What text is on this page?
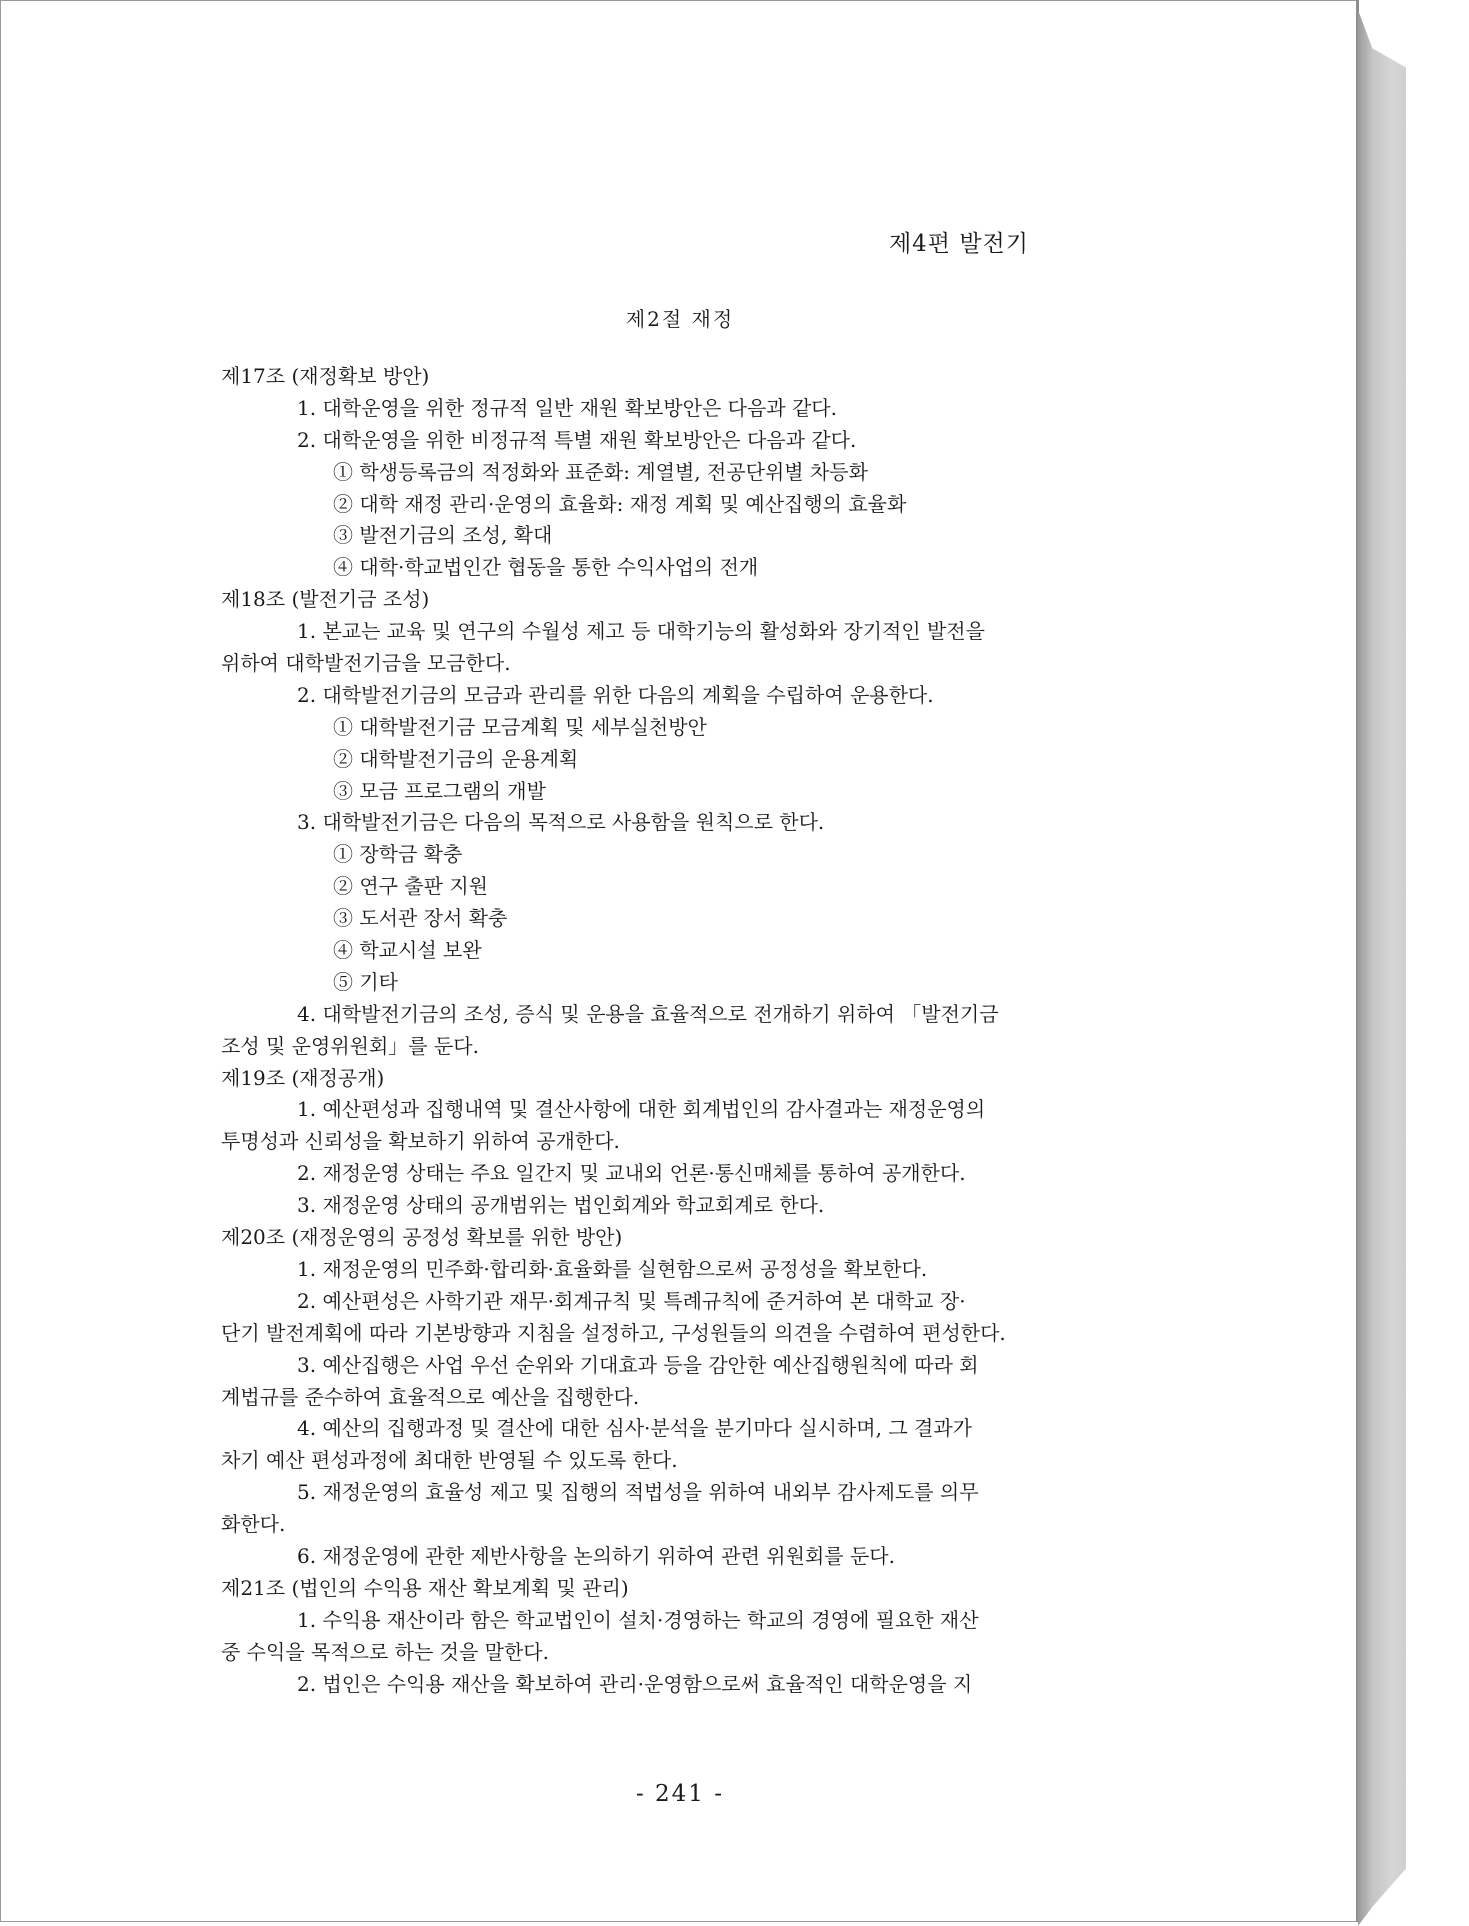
제4편 발전기
제2절 재정
제17조 (재정확보 방안)
1. 대학운영을 위한 정규적 일반 재원 확보방안은 다음과 같다.
2. 대학운영을 위한 비정규적 특별 재원 확보방안은 다음과 같다.
① 학생등록금의 적정화와 표준화: 계열별, 전공단위별 차등화
② 대학 재정 관리·운영의 효율화: 재정 계획 및 예산집행의 효율화
③ 발전기금의 조성, 확대
④ 대학·학교법인간 협동을 통한 수익사업의 전개
제18조 (발전기금 조성)
1. 본교는 교육 및 연구의 수월성 제고 등 대학기능의 활성화와 장기적인 발전을
위하여 대학발전기금을 모금한다.
2. 대학발전기금의 모금과 관리를 위한 다음의 계획을 수립하여 운용한다.
① 대학발전기금 모금계획 및 세부실천방안
② 대학발전기금의 운용계획
③ 모금 프로그램의 개발
3. 대학발전기금은 다음의 목적으로 사용함을 원칙으로 한다.
① 장학금 확충
② 연구 출판 지원
③ 도서관 장서 확충
④ 학교시설 보완
⑤ 기타
4. 대학발전기금의 조성, 증식 및 운용을 효율적으로 전개하기 위하여 「발전기금
조성 및 운영위원회」를 둔다.
제19조 (재정공개)
1. 예산편성과 집행내역 및 결산사항에 대한 회계법인의 감사결과는 재정운영의
투명성과 신뢰성을 확보하기 위하여 공개한다.
2. 재정운영 상태는 주요 일간지 및 교내외 언론·통신매체를 통하여 공개한다.
3. 재정운영 상태의 공개범위는 법인회계와 학교회계로 한다.
제20조 (재정운영의 공정성 확보를 위한 방안)
1. 재정운영의 민주화·합리화·효율화를 실현함으로써 공정성을 확보한다.
2. 예산편성은 사학기관 재무·회계규칙 및 특례규칙에 준거하여 본 대학교 장·
단기 발전계획에 따라 기본방향과 지침을 설정하고, 구성원들의 의견을 수렴하여 편성한다.
3. 예산집행은 사업 우선 순위와 기대효과 등을 감안한 예산집행원칙에 따라 회
계법규를 준수하여 효율적으로 예산을 집행한다.
4. 예산의 집행과정 및 결산에 대한 심사·분석을 분기마다 실시하며, 그 결과가
차기 예산 편성과정에 최대한 반영될 수 있도록 한다.
5. 재정운영의 효율성 제고 및 집행의 적법성을 위하여 내외부 감사제도를 의무
화한다.
6. 재정운영에 관한 제반사항을 논의하기 위하여 관련 위원회를 둔다.
제21조 (법인의 수익용 재산 확보계획 및 관리)
1. 수익용 재산이라 함은 학교법인이 설치·경영하는 학교의 경영에 필요한 재산
중 수익을 목적으로 하는 것을 말한다.
2. 법인은 수익용 재산을 확보하여 관리·운영함으로써 효율적인 대학운영을 지
- 241 -
